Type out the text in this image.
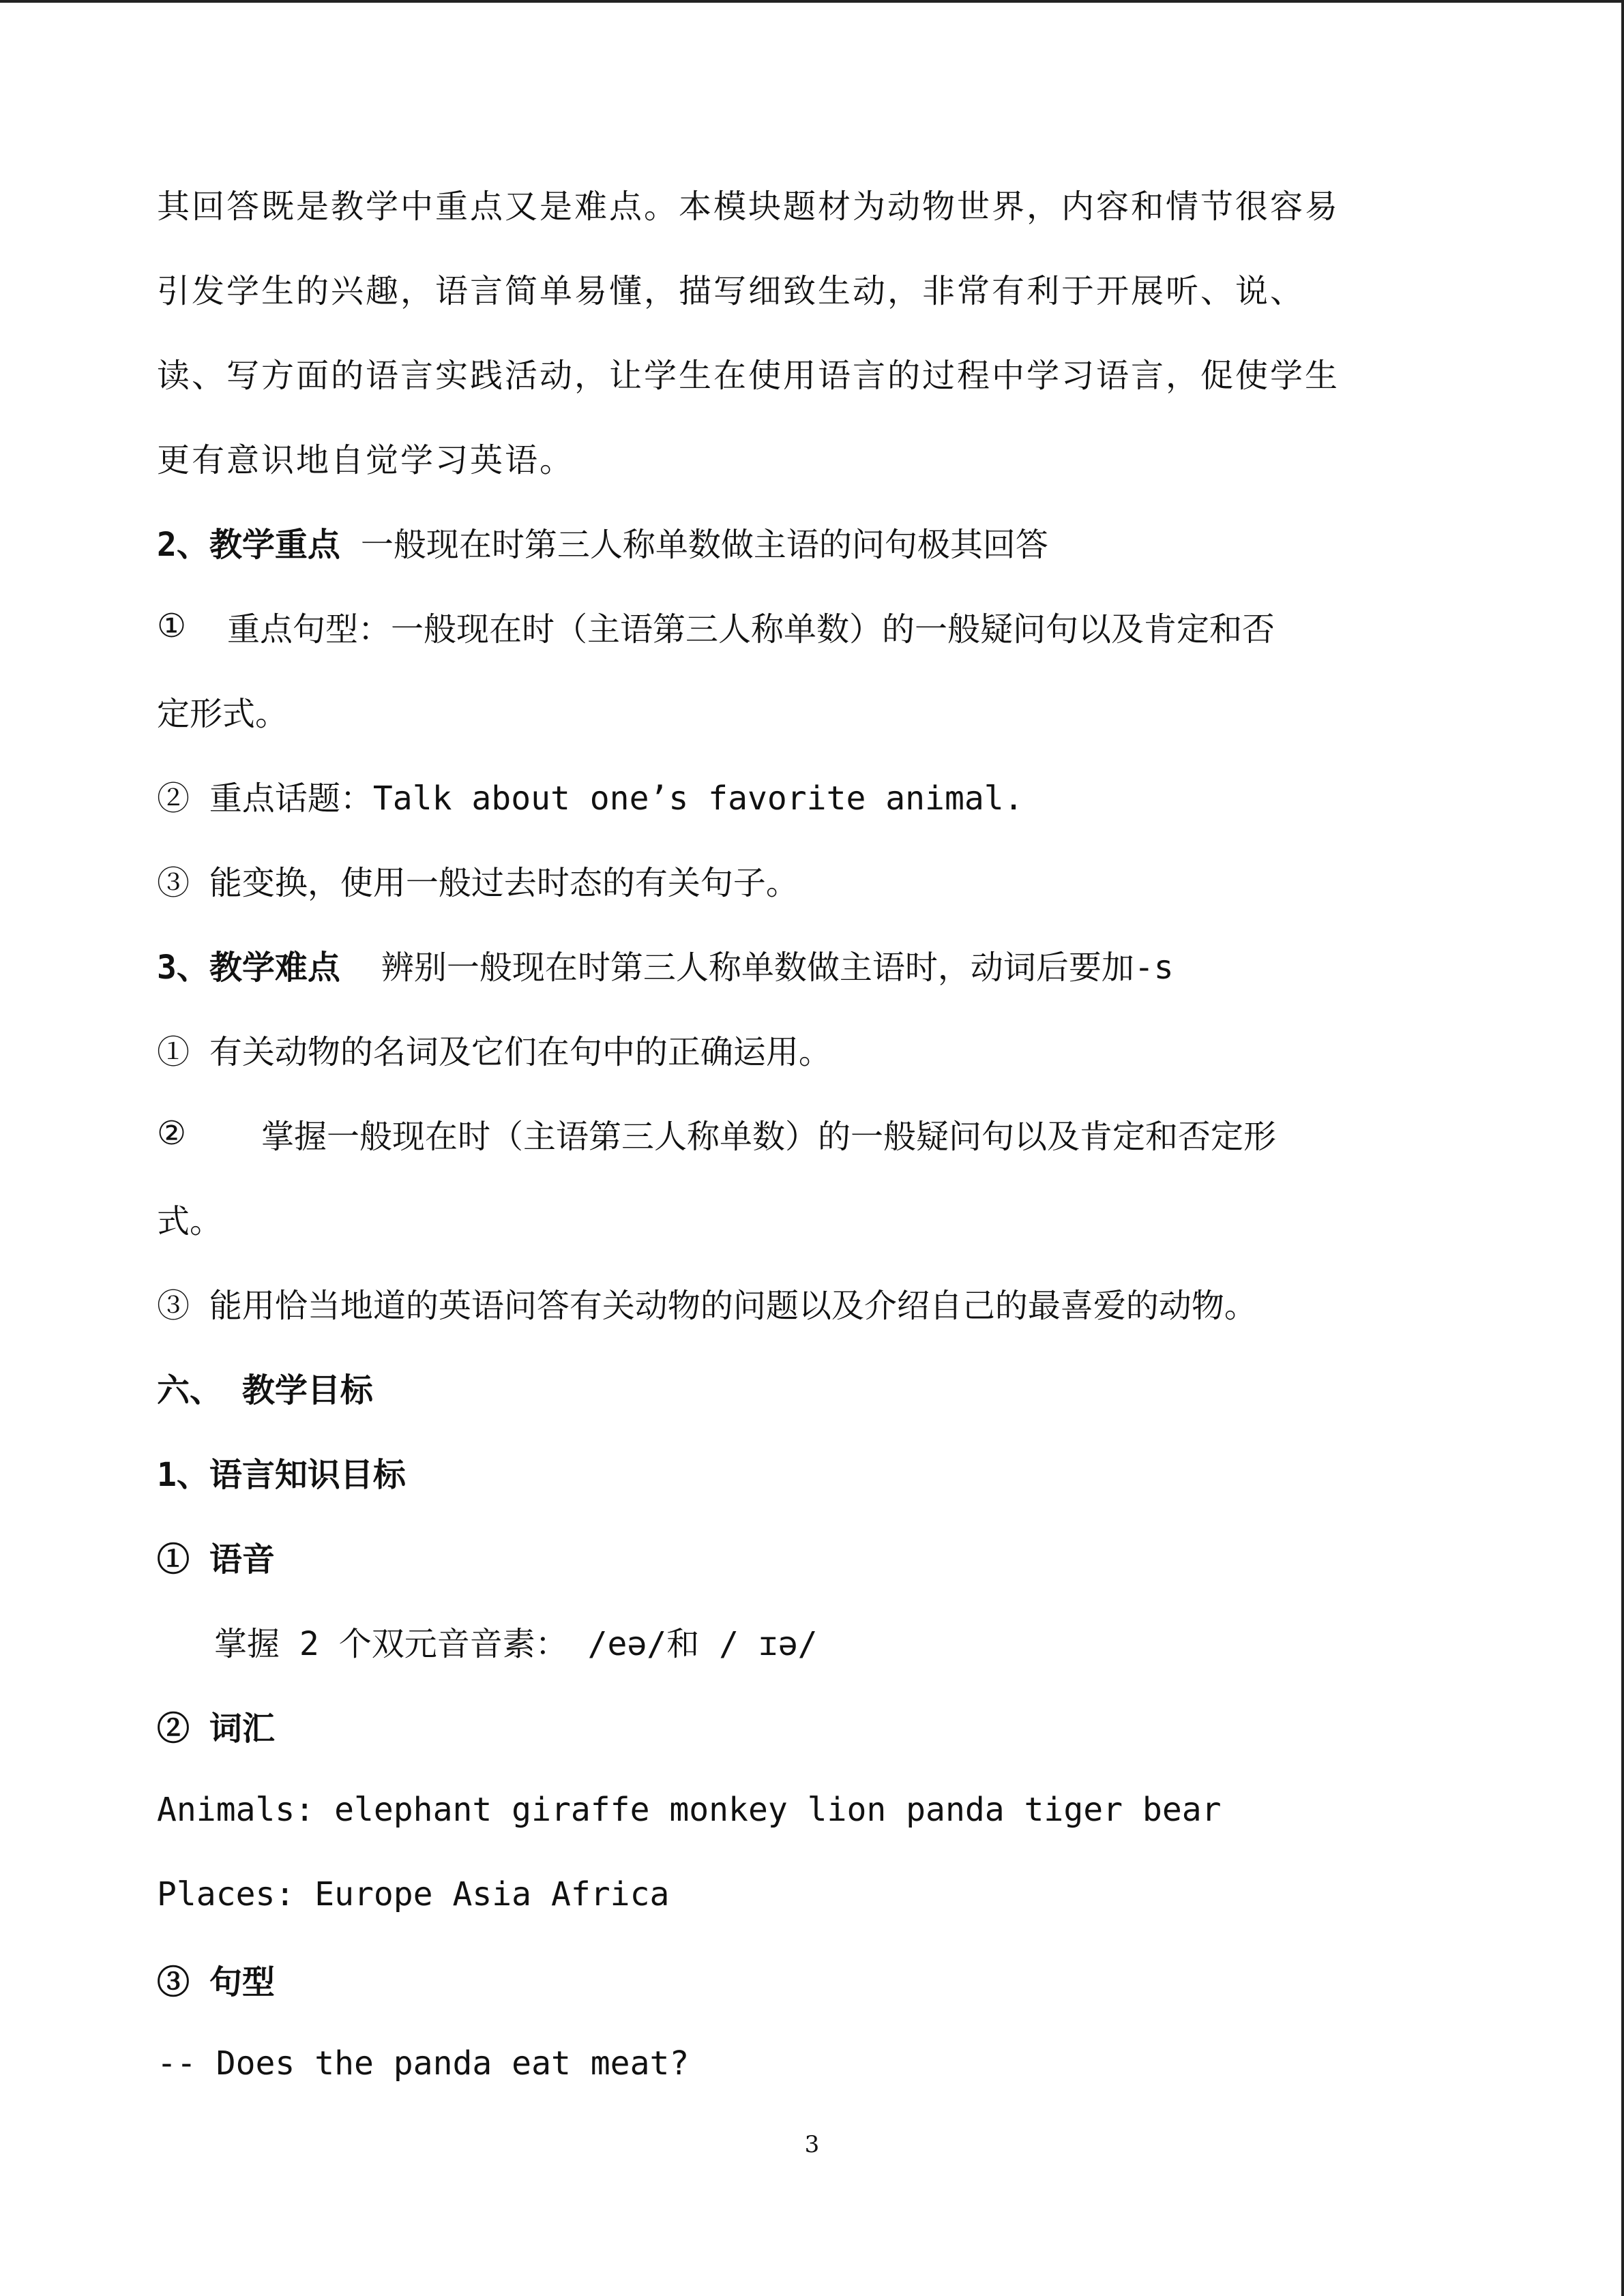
其回答既是教学中重点又是难点。本模块题材为动物世界，内容和情节很容易
引发学生的兴趣，语言简单易懂，描写细致生动，非常有利于开展听、说、
读、写方面的语言实践活动，让学生在使用语言的过程中学习语言，促使学生
更有意识地自觉学习英语。
2、教学重点 一般现在时第三人称单数做主语的问句极其回答
① 重点句型：一般现在时（主语第三人称单数）的一般疑问句以及肯定和否
定形式。
② 重点话题：Talk about one’s favorite animal.
③ 能变换，使用一般过去时态的有关句子。
3、教学难点 辨别一般现在时第三人称单数做主语时，动词后要加-s
① 有关动物的名词及它们在句中的正确运用。
② 掌握一般现在时（主语第三人称单数）的一般疑问句以及肯定和否定形
式。
③ 能用恰当地道的英语问答有关动物的问题以及介绍自己的最喜爱的动物。
六、 教学目标
1、语言知识目标
① 语音
掌握 2 个双元音音素： /eə/和 / ɪə/
② 词汇
Animals: elephant giraffe monkey lion panda tiger bear
Places: Europe Asia Africa
③ 句型
-- Does the panda eat meat?
3
